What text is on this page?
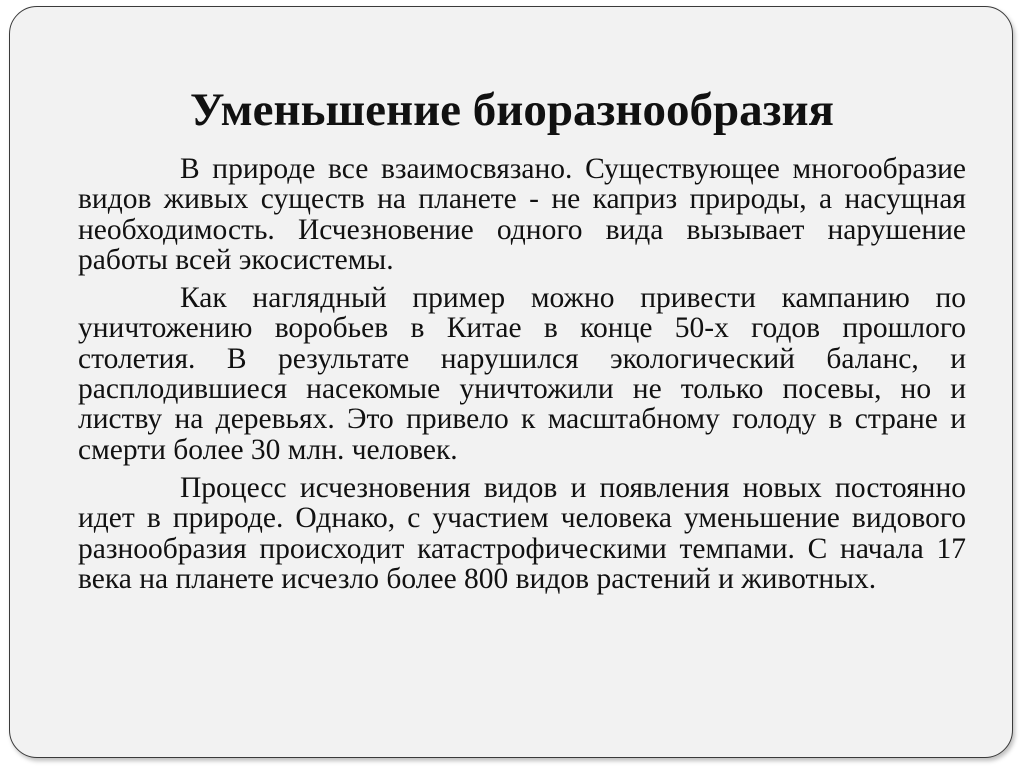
Уменьшение биоразнообразия

В природе все взаимосвязано. Существующее многообразие видов живых существ на планете - не каприз природы, а насущная необходимость. Исчезновение одного вида вызывает нарушение работы всей экосистемы.

Как наглядный пример можно привести кампанию по уничтожению воробьев в Китае в конце 50-х годов прошлого столетия. В результате нарушился экологический баланс, и расплодившиеся насекомые уничтожили не только посевы, но и листву на деревьях. Это привело к масштабному голоду в стране и смерти более 30 млн. человек.

Процесс исчезновения видов и появления новых постоянно идет в природе. Однако, с участием человека уменьшение видового разнообразия происходит катастрофическими темпами. С начала 17 века на планете исчезло более 800 видов растений и животных.
